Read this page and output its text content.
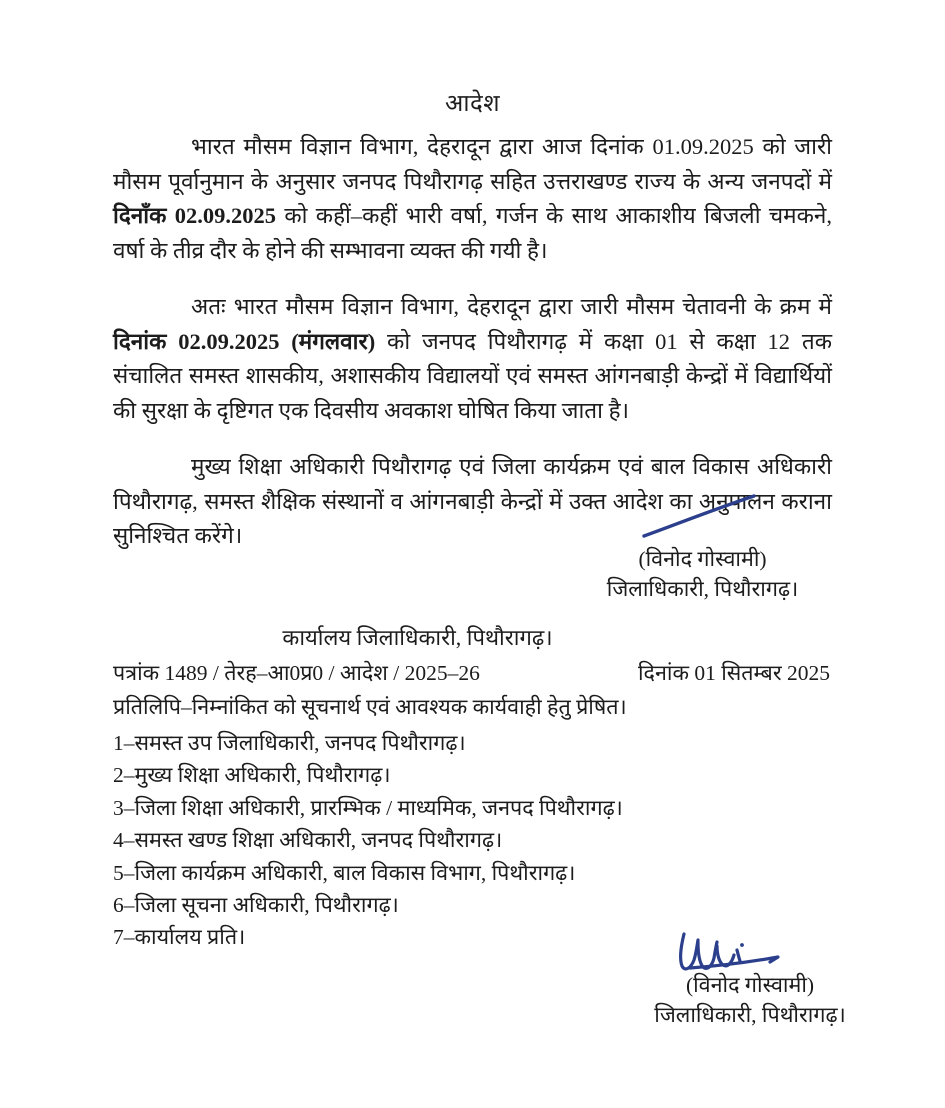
आदेश

भारत मौसम विज्ञान विभाग, देहरादून द्वारा आज दिनांक 01.09.2025 को जारी मौसम पूर्वानुमान के अनुसार जनपद पिथौरागढ़ सहित उत्तराखण्ड राज्य के अन्य जनपदों में दिनॉंक 02.09.2025 को कहीं–कहीं भारी वर्षा, गर्जन के साथ आकाशीय बिजली चमकने, वर्षा के तीव्र दौर के होने की सम्भावना व्यक्त की गयी है।

अतः भारत मौसम विज्ञान विभाग, देहरादून द्वारा जारी मौसम चेतावनी के क्रम में दिनांक 02.09.2025 (मंगलवार) को जनपद पिथौरागढ़ में कक्षा 01 से कक्षा 12 तक संचालित समस्त शासकीय, अशासकीय विद्यालयों एवं समस्त आंगनबाड़ी केन्द्रों में विद्यार्थियों की सुरक्षा के दृष्टिगत एक दिवसीय अवकाश घोषित किया जाता है।

मुख्य शिक्षा अधिकारी पिथौरागढ़ एवं जिला कार्यक्रम एवं बाल विकास अधिकारी पिथौरागढ़, समस्त शैक्षिक संस्थानों व आंगनबाड़ी केन्द्रों में उक्त आदेश का अनुपालन कराना सुनिश्चित करेंगे।

(विनोद गोस्वामी)
जिलाधिकारी, पिथौरागढ़।
कार्यालय जिलाधिकारी, पिथौरागढ़।
पत्रांक 1489 / तेरह–आ0प्र0 / आदेश / 2025–26	दिनांक 01 सितम्बर 2025
प्रतिलिपि–निम्नांकित को सूचनार्थ एवं आवश्यक कार्यवाही हेतु प्रेषित।
1–समस्त उप जिलाधिकारी, जनपद पिथौरागढ़।
2–मुख्य शिक्षा अधिकारी, पिथौरागढ़।
3–जिला शिक्षा अधिकारी, प्रारम्भिक / माध्यमिक, जनपद पिथौरागढ़।
4–समस्त खण्ड शिक्षा अधिकारी, जनपद पिथौरागढ़।
5–जिला कार्यक्रम अधिकारी, बाल विकास विभाग, पिथौरागढ़।
6–जिला सूचना अधिकारी, पिथौरागढ़।
7–कार्यालय प्रति।
(विनोद गोस्वामी)
जिलाधिकारी, पिथौरागढ़।
